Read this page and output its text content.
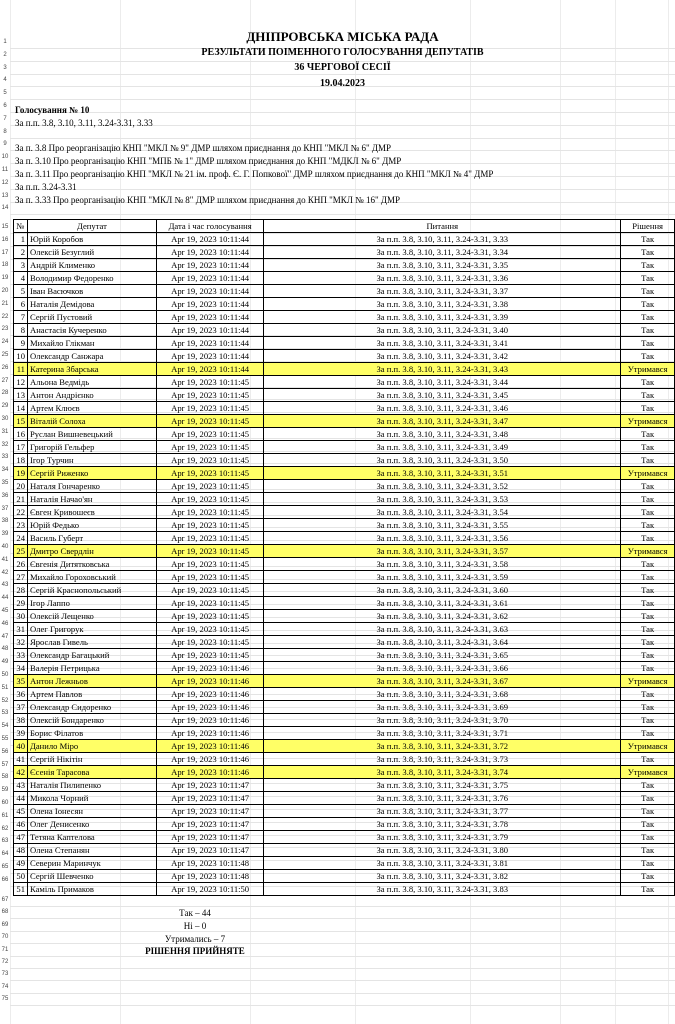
1
2
3
4
5
6
7
8
9
10
11
12
13
14
15
16
17
18
19
20
21
22
23
24
25
26
27
28
29
30
31
32
33
34
35
36
37
38
39
40
41
42
43
44
45
46
47
48
49
50
51
52
53
54
55
56
57
58
59
60
61
62
63
64
65
66
67
68
69
70
71
72
73
74
75
ДНІПРОВСЬКА МІСЬКА РАДА
РЕЗУЛЬТАТИ ПОІМЕННОГО ГОЛОСУВАННЯ ДЕПУТАТІВ
36 ЧЕРГОВОЇ СЕСІЇ
19.04.2023
Голосування № 10
За п.п. 3.8, 3.10, 3.11, 3.24-3.31, 3.33
За п. 3.8 Про реорганізацію КНП "МКЛ № 9" ДМР шляхом приєднання до КНП "МКЛ № 6" ДМР
За п. 3.10 Про реорганізацію КНП "МПБ № 1" ДМР шляхом приєднання до КНП "МДКЛ № 6" ДМР
За п. 3.11 Про реорганізацію КНП "МКЛ № 21 ім. проф. Є. Г. Попкової" ДМР шляхом приєднання до КНП "МКЛ № 4" ДМР
За п.п. 3.24-3.31
За п. 3.33 Про реорганізацію КНП "МКЛ № 8" ДМР шляхом приєднання до КНП "МКЛ № 16" ДМР
№	Депутат	Дата і час голосування	Питання	Рішення
1	Юрій Коробов	Apr 19, 2023 10:11:44	За п.п. 3.8, 3.10, 3.11, 3.24-3.31, 3.33	Так
2	Олексій Безуглий	Apr 19, 2023 10:11:44	За п.п. 3.8, 3.10, 3.11, 3.24-3.31, 3.34	Так
3	Андрій Клименко	Apr 19, 2023 10:11:44	За п.п. 3.8, 3.10, 3.11, 3.24-3.31, 3.35	Так
4	Володимир Федоренко	Apr 19, 2023 10:11:44	За п.п. 3.8, 3.10, 3.11, 3.24-3.31, 3.36	Так
5	Іван Васючков	Apr 19, 2023 10:11:44	За п.п. 3.8, 3.10, 3.11, 3.24-3.31, 3.37	Так
6	Наталія Демідова	Apr 19, 2023 10:11:44	За п.п. 3.8, 3.10, 3.11, 3.24-3.31, 3.38	Так
7	Сергій Пустовий	Apr 19, 2023 10:11:44	За п.п. 3.8, 3.10, 3.11, 3.24-3.31, 3.39	Так
8	Анастасія Кучеренко	Apr 19, 2023 10:11:44	За п.п. 3.8, 3.10, 3.11, 3.24-3.31, 3.40	Так
9	Михайло Глікман	Apr 19, 2023 10:11:44	За п.п. 3.8, 3.10, 3.11, 3.24-3.31, 3.41	Так
10	Олександр Санжара	Apr 19, 2023 10:11:44	За п.п. 3.8, 3.10, 3.11, 3.24-3.31, 3.42	Так
11	Катерина Збарська	Apr 19, 2023 10:11:44	За п.п. 3.8, 3.10, 3.11, 3.24-3.31, 3.43	Утримався
12	Альона Ведмідь	Apr 19, 2023 10:11:45	За п.п. 3.8, 3.10, 3.11, 3.24-3.31, 3.44	Так
13	Антон Андрієнко	Apr 19, 2023 10:11:45	За п.п. 3.8, 3.10, 3.11, 3.24-3.31, 3.45	Так
14	Артем Клюєв	Apr 19, 2023 10:11:45	За п.п. 3.8, 3.10, 3.11, 3.24-3.31, 3.46	Так
15	Віталій Солоха	Apr 19, 2023 10:11:45	За п.п. 3.8, 3.10, 3.11, 3.24-3.31, 3.47	Утримався
16	Руслан Вишневецький	Apr 19, 2023 10:11:45	За п.п. 3.8, 3.10, 3.11, 3.24-3.31, 3.48	Так
17	Григорій Гельфер	Apr 19, 2023 10:11:45	За п.п. 3.8, 3.10, 3.11, 3.24-3.31, 3.49	Так
18	Ігор Турчин	Apr 19, 2023 10:11:45	За п.п. 3.8, 3.10, 3.11, 3.24-3.31, 3.50	Так
19	Сергій Риженко	Apr 19, 2023 10:11:45	За п.п. 3.8, 3.10, 3.11, 3.24-3.31, 3.51	Утримався
20	Наталя Гончаренко	Apr 19, 2023 10:11:45	За п.п. 3.8, 3.10, 3.11, 3.24-3.31, 3.52	Так
21	Наталія Начао'ян	Apr 19, 2023 10:11:45	За п.п. 3.8, 3.10, 3.11, 3.24-3.31, 3.53	Так
22	Євген Кривошеєв	Apr 19, 2023 10:11:45	За п.п. 3.8, 3.10, 3.11, 3.24-3.31, 3.54	Так
23	Юрій Федько	Apr 19, 2023 10:11:45	За п.п. 3.8, 3.10, 3.11, 3.24-3.31, 3.55	Так
24	Василь Губерт	Apr 19, 2023 10:11:45	За п.п. 3.8, 3.10, 3.11, 3.24-3.31, 3.56	Так
25	Дмитро Свердлін	Apr 19, 2023 10:11:45	За п.п. 3.8, 3.10, 3.11, 3.24-3.31, 3.57	Утримався
26	Євгенія Дитятковська	Apr 19, 2023 10:11:45	За п.п. 3.8, 3.10, 3.11, 3.24-3.31, 3.58	Так
27	Михайло Гороховський	Apr 19, 2023 10:11:45	За п.п. 3.8, 3.10, 3.11, 3.24-3.31, 3.59	Так
28	Сергій Краснопольський	Apr 19, 2023 10:11:45	За п.п. 3.8, 3.10, 3.11, 3.24-3.31, 3.60	Так
29	Ігор Лаппо	Apr 19, 2023 10:11:45	За п.п. 3.8, 3.10, 3.11, 3.24-3.31, 3.61	Так
30	Олексій Лещенко	Apr 19, 2023 10:11:45	За п.п. 3.8, 3.10, 3.11, 3.24-3.31, 3.62	Так
31	Олег Григорук	Apr 19, 2023 10:11:45	За п.п. 3.8, 3.10, 3.11, 3.24-3.31, 3.63	Так
32	Ярослав Гивель	Apr 19, 2023 10:11:45	За п.п. 3.8, 3.10, 3.11, 3.24-3.31, 3.64	Так
33	Олександр Багацький	Apr 19, 2023 10:11:45	За п.п. 3.8, 3.10, 3.11, 3.24-3.31, 3.65	Так
34	Валерія Петрицька	Apr 19, 2023 10:11:46	За п.п. 3.8, 3.10, 3.11, 3.24-3.31, 3.66	Так
35	Антон Лежньов	Apr 19, 2023 10:11:46	За п.п. 3.8, 3.10, 3.11, 3.24-3.31, 3.67	Утримався
36	Артем Павлов	Apr 19, 2023 10:11:46	За п.п. 3.8, 3.10, 3.11, 3.24-3.31, 3.68	Так
37	Олександр Сидоренко	Apr 19, 2023 10:11:46	За п.п. 3.8, 3.10, 3.11, 3.24-3.31, 3.69	Так
38	Олексій Бондаренко	Apr 19, 2023 10:11:46	За п.п. 3.8, 3.10, 3.11, 3.24-3.31, 3.70	Так
39	Борис Філатов	Apr 19, 2023 10:11:46	За п.п. 3.8, 3.10, 3.11, 3.24-3.31, 3.71	Так
40	Данило Міро	Apr 19, 2023 10:11:46	За п.п. 3.8, 3.10, 3.11, 3.24-3.31, 3.72	Утримався
41	Сергій Нікітін	Apr 19, 2023 10:11:46	За п.п. 3.8, 3.10, 3.11, 3.24-3.31, 3.73	Так
42	Єсенія Тарасова	Apr 19, 2023 10:11:46	За п.п. 3.8, 3.10, 3.11, 3.24-3.31, 3.74	Утримався
43	Наталія Пилипенко	Apr 19, 2023 10:11:47	За п.п. 3.8, 3.10, 3.11, 3.24-3.31, 3.75	Так
44	Микола Чорний	Apr 19, 2023 10:11:47	За п.п. 3.8, 3.10, 3.11, 3.24-3.31, 3.76	Так
45	Олена Іонесян	Apr 19, 2023 10:11:47	За п.п. 3.8, 3.10, 3.11, 3.24-3.31, 3.77	Так
46	Олег Денисенко	Apr 19, 2023 10:11:47	За п.п. 3.8, 3.10, 3.11, 3.24-3.31, 3.78	Так
47	Тетяна Каптелова	Apr 19, 2023 10:11:47	За п.п. 3.8, 3.10, 3.11, 3.24-3.31, 3.79	Так
48	Олена Степанян	Apr 19, 2023 10:11:47	За п.п. 3.8, 3.10, 3.11, 3.24-3.31, 3.80	Так
49	Северин Маринчук	Apr 19, 2023 10:11:48	За п.п. 3.8, 3.10, 3.11, 3.24-3.31, 3.81	Так
50	Сергій Шевченко	Apr 19, 2023 10:11:48	За п.п. 3.8, 3.10, 3.11, 3.24-3.31, 3.82	Так
51	Каміль Примаков	Apr 19, 2023 10:11:50	За п.п. 3.8, 3.10, 3.11, 3.24-3.31, 3.83	Так
Так – 44
Ні – 0
Утримались – 7
РІШЕННЯ ПРИЙНЯТЕ
